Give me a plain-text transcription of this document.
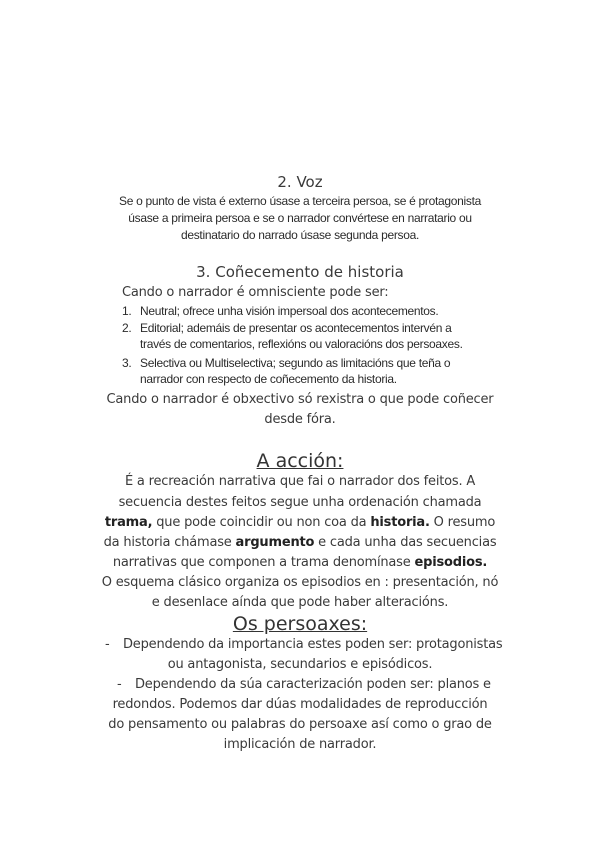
2. Voz
Se o punto de vista é externo úsase a terceira persoa, se é protagonista
úsase a primeira persoa e se o narrador convértese en narratario ou
destinatario do narrado úsase segunda persoa.
3. Coñecemento de historia
Cando o narrador é omnisciente pode ser:
1. Neutral; ofrece unha visión impersoal dos acontecementos.
2. Editorial; ademáis de presentar os acontecementos intervén a
través de comentarios, reflexións ou valoracións dos persoaxes.
3. Selectiva ou Multiselectiva; segundo as limitacións que teña o
narrador con respecto de coñecemento da historia.
Cando o narrador é obxectivo só rexistra o que pode coñecer
desde fóra.
A acción:
É a recreación narrativa que fai o narrador dos feitos. A
secuencia destes feitos segue unha ordenación chamada
trama, que pode coincidir ou non coa da historia. O resumo
da historia chámase argumento e cada unha das secuencias
narrativas que componen a trama denomínase episodios.
O esquema clásico organiza os episodios en : presentación, nó
e desenlace aínda que pode haber alteracións.
Os persoaxes:
- Dependendo da importancia estes poden ser: protagonistas
ou antagonista, secundarios e episódicos.
- Dependendo da súa caracterización poden ser: planos e
redondos. Podemos dar dúas modalidades de reproducción
do pensamento ou palabras do persoaxe así como o grao de
implicación de narrador.
